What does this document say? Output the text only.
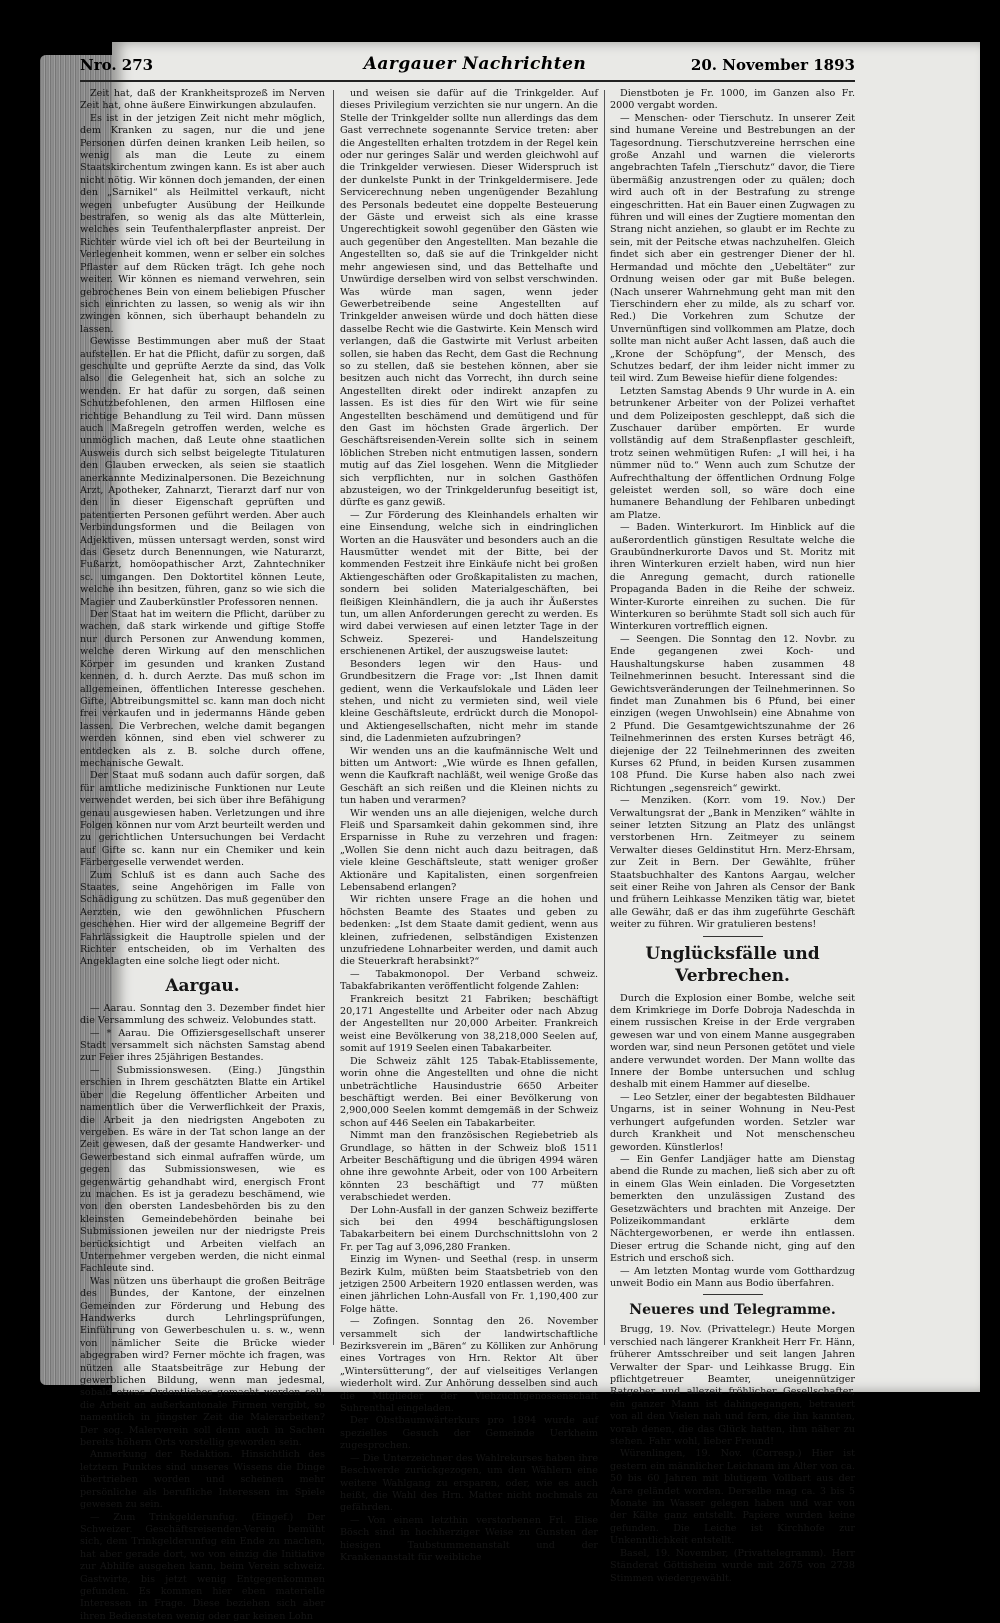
Nro. 273	Aargauer Nachrichten	20. November 1893

Zeit hat, daß der Krankheitsprozeß im Nerven Zeit hat, ohne äußere Einwirkungen abzulaufen.

Es ist in der jetzigen Zeit nicht mehr möglich, dem Kranken zu sagen, nur die und jene Personen dürfen deinen kranken Leib heilen, so wenig als man die Leute zu einem Staatskirchentum zwingen kann. Es ist aber auch nicht nötig. Wir können doch jemanden, der einen den „Sarnikel“ als Heilmittel verkauft, nicht wegen unbefugter Ausübung der Heilkunde bestrafen, so wenig als das alte Mütterlein, welches sein Teufenthalerpflaster anpreist. Der Richter würde viel ich oft bei der Beurteilung in Verlegenheit kommen, wenn er selber ein solches Pflaster auf dem Rücken trägt. Ich gehe noch weiter. Wir können es niemand verwehren, sein gebrochenes Bein von einem beliebigen Pfuscher sich einrichten zu lassen, so wenig als wir ihn zwingen können, sich überhaupt behandeln zu lassen.

Gewisse Bestimmungen aber muß der Staat aufstellen. Er hat die Pflicht, dafür zu sorgen, daß geschulte und geprüfte Aerzte da sind, das Volk also die Gelegenheit hat, sich an solche zu wenden. Er hat dafür zu sorgen, daß seinen Schutzbefohlenen, den armen Hilflosen eine richtige Behandlung zu Teil wird. Dann müssen auch Maßregeln getroffen werden, welche es unmöglich machen, daß Leute ohne staatlichen Ausweis durch sich selbst beigelegte Titulaturen den Glauben erwecken, als seien sie staatlich anerkannte Medizinalpersonen. Die Bezeichnung Arzt, Apotheker, Zahnarzt, Tierarzt darf nur von den in dieser Eigenschaft geprüften und patentierten Personen geführt werden. Aber auch Verbindungsformen und die Beilagen von Adjektiven, müssen untersagt werden, sonst wird das Gesetz durch Benennungen, wie Naturarzt, Fußarzt, homöopathischer Arzt, Zahntechniker sc. umgangen. Den Doktortitel können Leute, welche ihn besitzen, führen, ganz so wie sich die Magier und Zauberkünstler Professoren nennen.

Der Staat hat im weitern die Pflicht, darüber zu wachen, daß stark wirkende und giftige Stoffe nur durch Personen zur Anwendung kommen, welche deren Wirkung auf den menschlichen Körper im gesunden und kranken Zustand kennen, d. h. durch Aerzte. Das muß schon im allgemeinen, öffentlichen Interesse geschehen. Gifte, Abtreibungsmittel sc. kann man doch nicht frei verkaufen und in jedermanns Hände geben lassen. Die Verbrechen, welche damit begangen werden können, sind eben viel schwerer zu entdecken als z. B. solche durch offene, mechanische Gewalt.

Der Staat muß sodann auch dafür sorgen, daß für amtliche medizinische Funktionen nur Leute verwendet werden, bei sich über ihre Befähigung genau ausgewiesen haben. Verletzungen und ihre Folgen können nur vom Arzt beurteilt werden und zu gerichtlichen Untersuchungen bei Verdacht auf Gifte sc. kann nur ein Chemiker und kein Färbergeselle verwendet werden.

Zum Schluß ist es dann auch Sache des Staates, seine Angehörigen im Falle von Schädigung zu schützen. Das muß gegenüber den Aerzten, wie den gewöhnlichen Pfuschern geschehen. Hier wird der allgemeine Begriff der Fahrlässigkeit die Hauptrolle spielen und der Richter entscheiden, ob im Verhalten des Angeklagten eine solche liegt oder nicht.

Aargau.

— Aarau. Sonntag den 3. Dezember findet hier die Versammlung des schweiz. Velobundes statt.

— * Aarau. Die Offiziersgesellschaft unserer Stadt versammelt sich nächsten Samstag abend zur Feier ihres 25jährigen Bestandes.

— Submissionswesen. (Eing.) Jüngsthin erschien in Ihrem geschätzten Blatte ein Artikel über die Regelung öffentlicher Arbeiten und namentlich über die Verwerflichkeit der Praxis, die Arbeit ja den niedrigsten Angeboten zu vergeben. Es wäre in der Tat schon lange an der Zeit gewesen, daß der gesamte Handwerker- und Gewerbestand sich einmal aufraffen würde, um gegen das Submissionswesen, wie es gegenwärtig gehandhabt wird, energisch Front zu machen. Es ist ja geradezu beschämend, wie von den obersten Landesbehörden bis zu den kleinsten Gemeindebehörden beinahe bei Submissionen jeweilen nur der niedrigste Preis berücksichtigt und Arbeiten vielfach an Unternehmer vergeben werden, die nicht einmal Fachleute sind.

Was nützen uns überhaupt die großen Beiträge des Bundes, der Kantone, der einzelnen Gemeinden zur Förderung und Hebung des Handwerks durch Lehrlingsprüfungen, Einführung von Gewerbeschulen u. s. w., wenn von nämlicher Seite die Brücke wieder abgegraben wird? Ferner möchte ich fragen, was nützen alle Staatsbeiträge zur Hebung der gewerblichen Bildung, wenn man jedesmal, sobald etwas Ordentliches gemacht werden soll, die Arbeit an außerkantonale Firmen vergibt, so namentlich in jüngster Zeit die Malerarbeiten? Der sog. Malerverein soll denn auch in Sachen bereits höhern Orts vorstellig geworden sein.

Anmerkung der Redaktion. Hinsichtlich des letztern Punktes sind unseres Wissens die Dinge übertrieben worden und scheinen mehr persönliche als berufliche Interessen im Spiele gewesen zu sein.

— Zum Trinkgelderunfug. (Eingef.) Der Schweizer. Geschäftsreisenden-Verein bemüht sich, dem Trinkgelderunfug ein Ende zu machen, hat aber gerade dort, wo von einzig die Initiative zur Abhilfe ausgehen kann, beim Verein schweiz. Gastwirte, bis jetzt wenig Entgegenkommen gefunden. Es kommen hier eben materielle Interessen in Frage. Diese beziehen sich aber ihren Bediensteten wenig oder gar keinen Lohn

und weisen sie dafür auf die Trinkgelder. Auf dieses Privilegium verzichten sie nur ungern. An die Stelle der Trinkgelder sollte nun allerdings das dem Gast verrechnete sogenannte Service treten: aber die Angestellten erhalten trotzdem in der Regel kein oder nur geringes Salär und werden gleichwohl auf die Trinkgelder verwiesen. Dieser Widerspruch ist der dunkelste Punkt in der Trinkgeldermisere. Jede Servicerechnung neben ungenügender Bezahlung des Personals bedeutet eine doppelte Besteuerung der Gäste und erweist sich als eine krasse Ungerechtigkeit sowohl gegenüber den Gästen wie auch gegenüber den Angestellten. Man bezahle die Angestellten so, daß sie auf die Trinkgelder nicht mehr angewiesen sind, und das Bettelhafte und Unwürdige derselben wird von selbst verschwinden. Was würde man sagen, wenn jeder Gewerbetreibende seine Angestellten auf Trinkgelder anweisen würde und doch hätten diese dasselbe Recht wie die Gastwirte. Kein Mensch wird verlangen, daß die Gastwirte mit Verlust arbeiten sollen, sie haben das Recht, dem Gast die Rechnung so zu stellen, daß sie bestehen können, aber sie besitzen auch nicht das Vorrecht, ihn durch seine Angestellten direkt oder indirekt anzapfen zu lassen. Es ist dies für den Wirt wie für seine Angestellten beschämend und demütigend und für den Gast im höchsten Grade ärgerlich. Der Geschäftsreisenden-Verein sollte sich in seinem löblichen Streben nicht entmutigen lassen, sondern mutig auf das Ziel losgehen. Wenn die Mitglieder sich verpflichten, nur in solchen Gasthöfen abzusteigen, wo der Trinkgelderunfug beseitigt ist, dürfte es ganz gewiß.

— Zur Förderung des Kleinhandels erhalten wir eine Einsendung, welche sich in eindringlichen Worten an die Hausväter und besonders auch an die Hausmütter wendet mit der Bitte, bei der kommenden Festzeit ihre Einkäufe nicht bei großen Aktiengeschäften oder Großkapitalisten zu machen, sondern bei soliden Materialgeschäften, bei fleißigen Kleinhändlern, die ja auch ihr Äußerstes tun, um allen Anforderungen gerecht zu werden. Es wird dabei verwiesen auf einen letzter Tage in der Schweiz. Spezerei- und Handelszeitung erschienenen Artikel, der auszugsweise lautet:

Besonders legen wir den Haus- und Grundbesitzern die Frage vor: „Ist Ihnen damit gedient, wenn die Verkaufslokale und Läden leer stehen, und nicht zu vermieten sind, weil viele kleine Geschäftsleute, erdrückt durch die Monopol- und Aktiengesellschaften, nicht mehr im stande sind, die Ladenmieten aufzubringen?

Wir wenden uns an die kaufmännische Welt und bitten um Antwort: „Wie würde es Ihnen gefallen, wenn die Kaufkraft nachläßt, weil wenige Große das Geschäft an sich reißen und die Kleinen nichts zu tun haben und verarmen?

Wir wenden uns an alle diejenigen, welche durch Fleiß und Sparsamkeit dahin gekommen sind, ihre Ersparnisse in Ruhe zu verzehren und fragen: „Wollen Sie denn nicht auch dazu beitragen, daß viele kleine Geschäftsleute, statt weniger großer Aktionäre und Kapitalisten, einen sorgenfreien Lebensabend erlangen?

Wir richten unsere Frage an die hohen und höchsten Beamte des Staates und geben zu bedenken: „Ist dem Staate damit gedient, wenn aus kleinen, zufriedenen, selbständigen Existenzen unzufriedene Lohnarbeiter werden, und damit auch die Steuerkraft herabsinkt?“

— Tabakmonopol. Der Verband schweiz. Tabakfabrikanten veröffentlicht folgende Zahlen:

Frankreich besitzt 21 Fabriken; beschäftigt 20,171 Angestellte und Arbeiter oder nach Abzug der Angestellten nur 20,000 Arbeiter. Frankreich weist eine Bevölkerung von 38,218,000 Seelen auf, somit auf 1919 Seelen einen Tabakarbeiter.

Die Schweiz zählt 125 Tabak-Etablissemente, worin ohne die Angestellten und ohne die nicht unbeträchtliche Hausindustrie 6650 Arbeiter beschäftigt werden. Bei einer Bevölkerung von 2,900,000 Seelen kommt demgemäß in der Schweiz schon auf 446 Seelen ein Tabakarbeiter.

Nimmt man den französischen Regiebetrieb als Grundlage, so hätten in der Schweiz bloß 1511 Arbeiter Beschäftigung und die übrigen 4994 wären ohne ihre gewohnte Arbeit, oder von 100 Arbeitern könnten 23 beschäftigt und 77 müßten verabschiedet werden.

Der Lohn-Ausfall in der ganzen Schweiz bezifferte sich bei den 4994 beschäftigungslosen Tabakarbeitern bei einem Durchschnittslohn von 2 Fr. per Tag auf 3,096,280 Franken.

Einzig im Wynen- und Seethal (resp. in unserm Bezirk Kulm, müßten beim Staatsbetrieb von den jetzigen 2500 Arbeitern 1920 entlassen werden, was einen jährlichen Lohn-Ausfall von Fr. 1,190,400 zur Folge hätte.

— Zofingen. Sonntag den 26. November versammelt sich der landwirtschaftliche Bezirksverein im „Bären“ zu Kölliken zur Anhörung eines Vortrages von Hrn. Rektor Alt über „Wintersütterung“, der auf vielseitiges Verlangen wiederholt wird. Zur Anhörung desselben sind auch die Mitglieder der Viehzuchtgenossenschaft Suhrenthal eingeladen.

Der Obstbaumwärterkurs pro 1894 wurde auf spezielles Gesuch der Gemeinde Uerkheim zugesprochen.

— Die Unterzeichner des Wahlrekurses haben ihre Beschwerde zurückgezogen, um den Wählern eine weitere Wahlgang zu ersparen, oder, wie es auch heißt, die Wahl des Hrn. Matter nicht nochmals zu gefährden.

— Von einem letzthin verstorbenen Frl. Elise Bösch sind in hochherziger Weise zu Gunsten der hiesigen Taubstummenanstalt und der Krankenanstalt für weibliche

Dienstboten je Fr. 1000, im Ganzen also Fr. 2000 vergabt worden.

— Menschen- oder Tierschutz. In unserer Zeit sind humane Vereine und Bestrebungen an der Tagesordnung. Tierschutzvereine herrschen eine große Anzahl und warnen die vielerorts angebrachten Tafeln „Tierschutz“ davor, die Tiere übermäßig anzustrengen oder zu quälen; doch wird auch oft in der Bestrafung zu strenge eingeschritten. Hat ein Bauer einen Zugwagen zu führen und will eines der Zugtiere momentan den Strang nicht anziehen, so glaubt er im Rechte zu sein, mit der Peitsche etwas nachzuhelfen. Gleich findet sich aber ein gestrenger Diener der hl. Hermandad und möchte den „Uebeltäter“ zur Ordnung weisen oder gar mit Buße belegen. (Nach unserer Wahrnehmung geht man mit den Tierschindern eher zu milde, als zu scharf vor. Red.) Die Vorkehren zum Schutze der Unvernünftigen sind vollkommen am Platze, doch sollte man nicht außer Acht lassen, daß auch die „Krone der Schöpfung“, der Mensch, des Schutzes bedarf, der ihm leider nicht immer zu teil wird. Zum Beweise hiefür diene folgendes:

Letzten Samstag Abends 9 Uhr wurde in A. ein betrunkener Arbeiter von der Polizei verhaftet und dem Polizeiposten geschleppt, daß sich die Zuschauer darüber empörten. Er wurde vollständig auf dem Straßenpflaster geschleift, trotz seinen wehmütigen Rufen: „I will hei, i ha nümmer nüd to.“ Wenn auch zum Schutze der Aufrechthaltung der öffentlichen Ordnung Folge geleistet werden soll, so wäre doch eine humanere Behandlung der Fehlbaren unbedingt am Platze.

— Baden. Winterkurort. Im Hinblick auf die außerordentlich günstigen Resultate welche die Graubündnerkurorte Davos und St. Moritz mit ihren Winterkuren erzielt haben, wird nun hier die Anregung gemacht, durch rationelle Propaganda Baden in die Reihe der schweiz. Winter-Kurorte einreihen zu suchen. Die für Winterkuren so berühmte Stadt soll sich auch für Winterkuren vortrefflich eignen.

— Seengen. Die Sonntag den 12. Novbr. zu Ende gegangenen zwei Koch- und Haushaltungskurse haben zusammen 48 Teilnehmerinnen besucht. Interessant sind die Gewichtsveränderungen der Teilnehmerinnen. So findet man Zunahmen bis 6 Pfund, bei einer einzigen (wegen Unwohlsein) eine Abnahme von 2 Pfund. Die Gesamtgewichtszunahme der 26 Teilnehmerinnen des ersten Kurses beträgt 46, diejenige der 22 Teilnehmerinnen des zweiten Kurses 62 Pfund, in beiden Kursen zusammen 108 Pfund. Die Kurse haben also nach zwei Richtungen „segensreich“ gewirkt.

— Menziken. (Korr. vom 19. Nov.) Der Verwaltungsrat der „Bank in Menziken“ wählte in seiner letzten Sitzung an Platz des unlängst verstorbenen Hrn. Zeitmeyer zu seinem Verwalter dieses Geldinstitut Hrn. Merz-Ehrsam, zur Zeit in Bern. Der Gewählte, früher Staatsbuchhalter des Kantons Aargau, welcher seit einer Reihe von Jahren als Censor der Bank und frühern Leihkasse Menziken tätig war, bietet alle Gewähr, daß er das ihm zugeführte Geschäft weiter zu führen. Wir gratulieren bestens!

Unglücksfälle und Verbrechen.

Durch die Explosion einer Bombe, welche seit dem Krimkriege im Dorfe Dobroja Nadeschda in einem russischen Kreise in der Erde vergraben gewesen war und von einem Manne ausgegraben worden war, sind neun Personen getötet und viele andere verwundet worden. Der Mann wollte das Innere der Bombe untersuchen und schlug deshalb mit einem Hammer auf dieselbe.

— Leo Setzler, einer der begabtesten Bildhauer Ungarns, ist in seiner Wohnung in Neu-Pest verhungert aufgefunden worden. Setzler war durch Krankheit und Not menschenscheu geworden. Künstlerlos!

— Ein Genfer Landjäger hatte am Dienstag abend die Runde zu machen, ließ sich aber zu oft in einem Glas Wein einladen. Die Vorgesetzten bemerkten den unzulässigen Zustand des Gesetzwächters und brachten mit Anzeige. Der Polizeikommandant erklärte dem Nächtergeworbenen, er werde ihn entlassen. Dieser ertrug die Schande nicht, ging auf den Estrich und erschoß sich.

— Am letzten Montag wurde vom Gotthardzug unweit Bodio ein Mann aus Bodio überfahren.

Neueres und Telegramme.

Brugg, 19. Nov. (Privattelegr.) Heute Morgen verschied nach längerer Krankheit Herr Fr. Hänn, früherer Amtsschreiber und seit langen Jahren Verwalter der Spar- und Leihkasse Brugg. Ein pflichtgetreuer Beamter, uneigennütziger Ratgeber und allezeit fröhlicher Gesellschafter, ein ganzer Mann ist dahingegangen, betrauert von all den Vielen nah und fern, die ihn kannten, vorab denen, die das Glück hatten, ihm näher zu stehen. Fahr wohl, lieber Freund!

Würenlingen, 19. Nov. (Corresp.) Hier ist gestern ein männlicher Leichnam im Alter von ca. 50 bis 60 Jahren mit blutigem Vollbart aus der Aare geländet worden. Derselbe mag ca. 3 bis 5 Monate im Wasser gelegen haben und war von der Kälte ganz entstellt. Papiere wurden keine gefunden. Die Leiche ist Kirchhofe zur Unkenntlichkeit entstellt.

Basel, 19. November, (Privattelegramm). Herr Ständerat Göttisheim wurde mit 2675 von 2738 Stimmen wiedergewählt.
